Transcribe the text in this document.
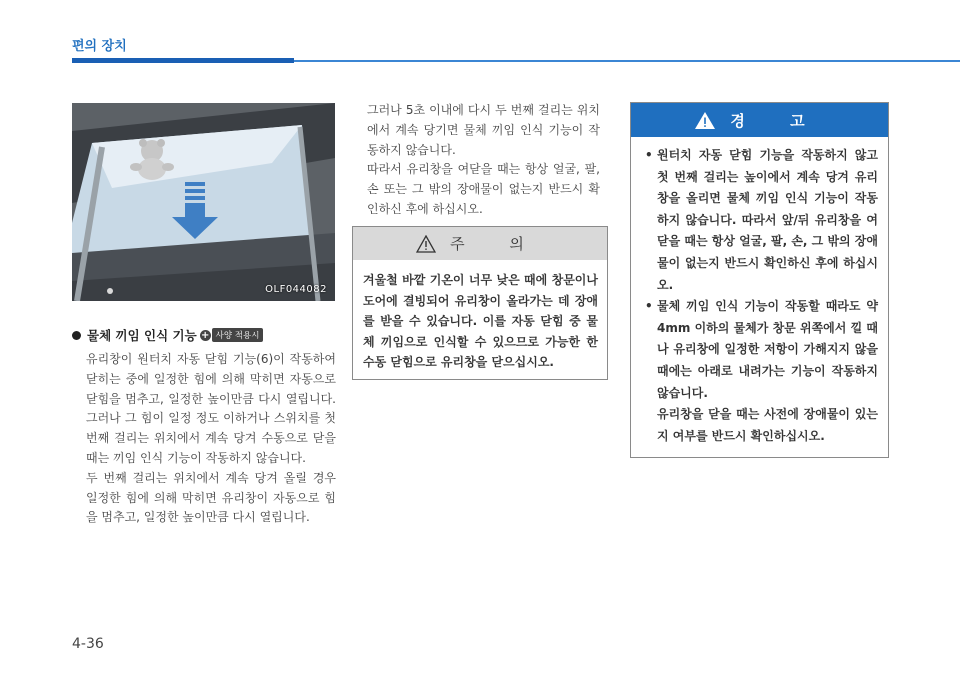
편의 장치
OLF044082
물체 끼임 인식 기능 + 사양 적용시
유리창이 원터치 자동 닫힘 기능(6)이 작동하여 닫히는 중에 일정한 힘에 의해 막히면 자동으로 닫힘을 멈추고, 일정한 높이만큼 다시 열립니다. 그러나 그 힘이 일정 정도 이하거나 스위치를 첫 번째 걸리는 위치에서 계속 당겨 수동으로 닫을 때는 끼임 인식 기능이 작동하지 않습니다.
두 번째 걸리는 위치에서 계속 당겨 올릴 경우 일정한 힘에 의해 막히면 유리창이 자동으로 힘을 멈추고, 일정한 높이만큼 다시 열립니다.
그러나 5초 이내에 다시 두 번째 걸리는 위치에서 계속 당기면 물체 끼임 인식 기능이 작동하지 않습니다.
따라서 유리창을 여닫을 때는 항상 얼굴, 팔, 손 또는 그 밖의 장애물이 없는지 반드시 확인하신 후에 하십시오.
주 의
겨울철 바깥 기온이 너무 낮은 때에 창문이나 도어에 결빙되어 유리창이 올라가는 데 장애를 받을 수 있습니다. 이를 자동 닫힘 중 물체 끼임으로 인식할 수 있으므로 가능한 한 수동 닫힘으로 유리창을 닫으십시오.
경 고
• 원터치 자동 닫힘 기능을 작동하지 않고 첫 번째 걸리는 높이에서 계속 당겨 유리창을 올리면 물체 끼임 인식 기능이 작동하지 않습니다. 따라서 앞/뒤 유리창을 여닫을 때는 항상 얼굴, 팔, 손, 그 밖의 장애물이 없는지 반드시 확인하신 후에 하십시오.
• 물체 끼임 인식 기능이 작동할 때라도 약 4mm 이하의 물체가 창문 위쪽에서 낄 때나 유리창에 일정한 저항이 가해지지 않을 때에는 아래로 내려가는 기능이 작동하지 않습니다.
유리창을 닫을 때는 사전에 장애물이 있는지 여부를 반드시 확인하십시오.
4-36
